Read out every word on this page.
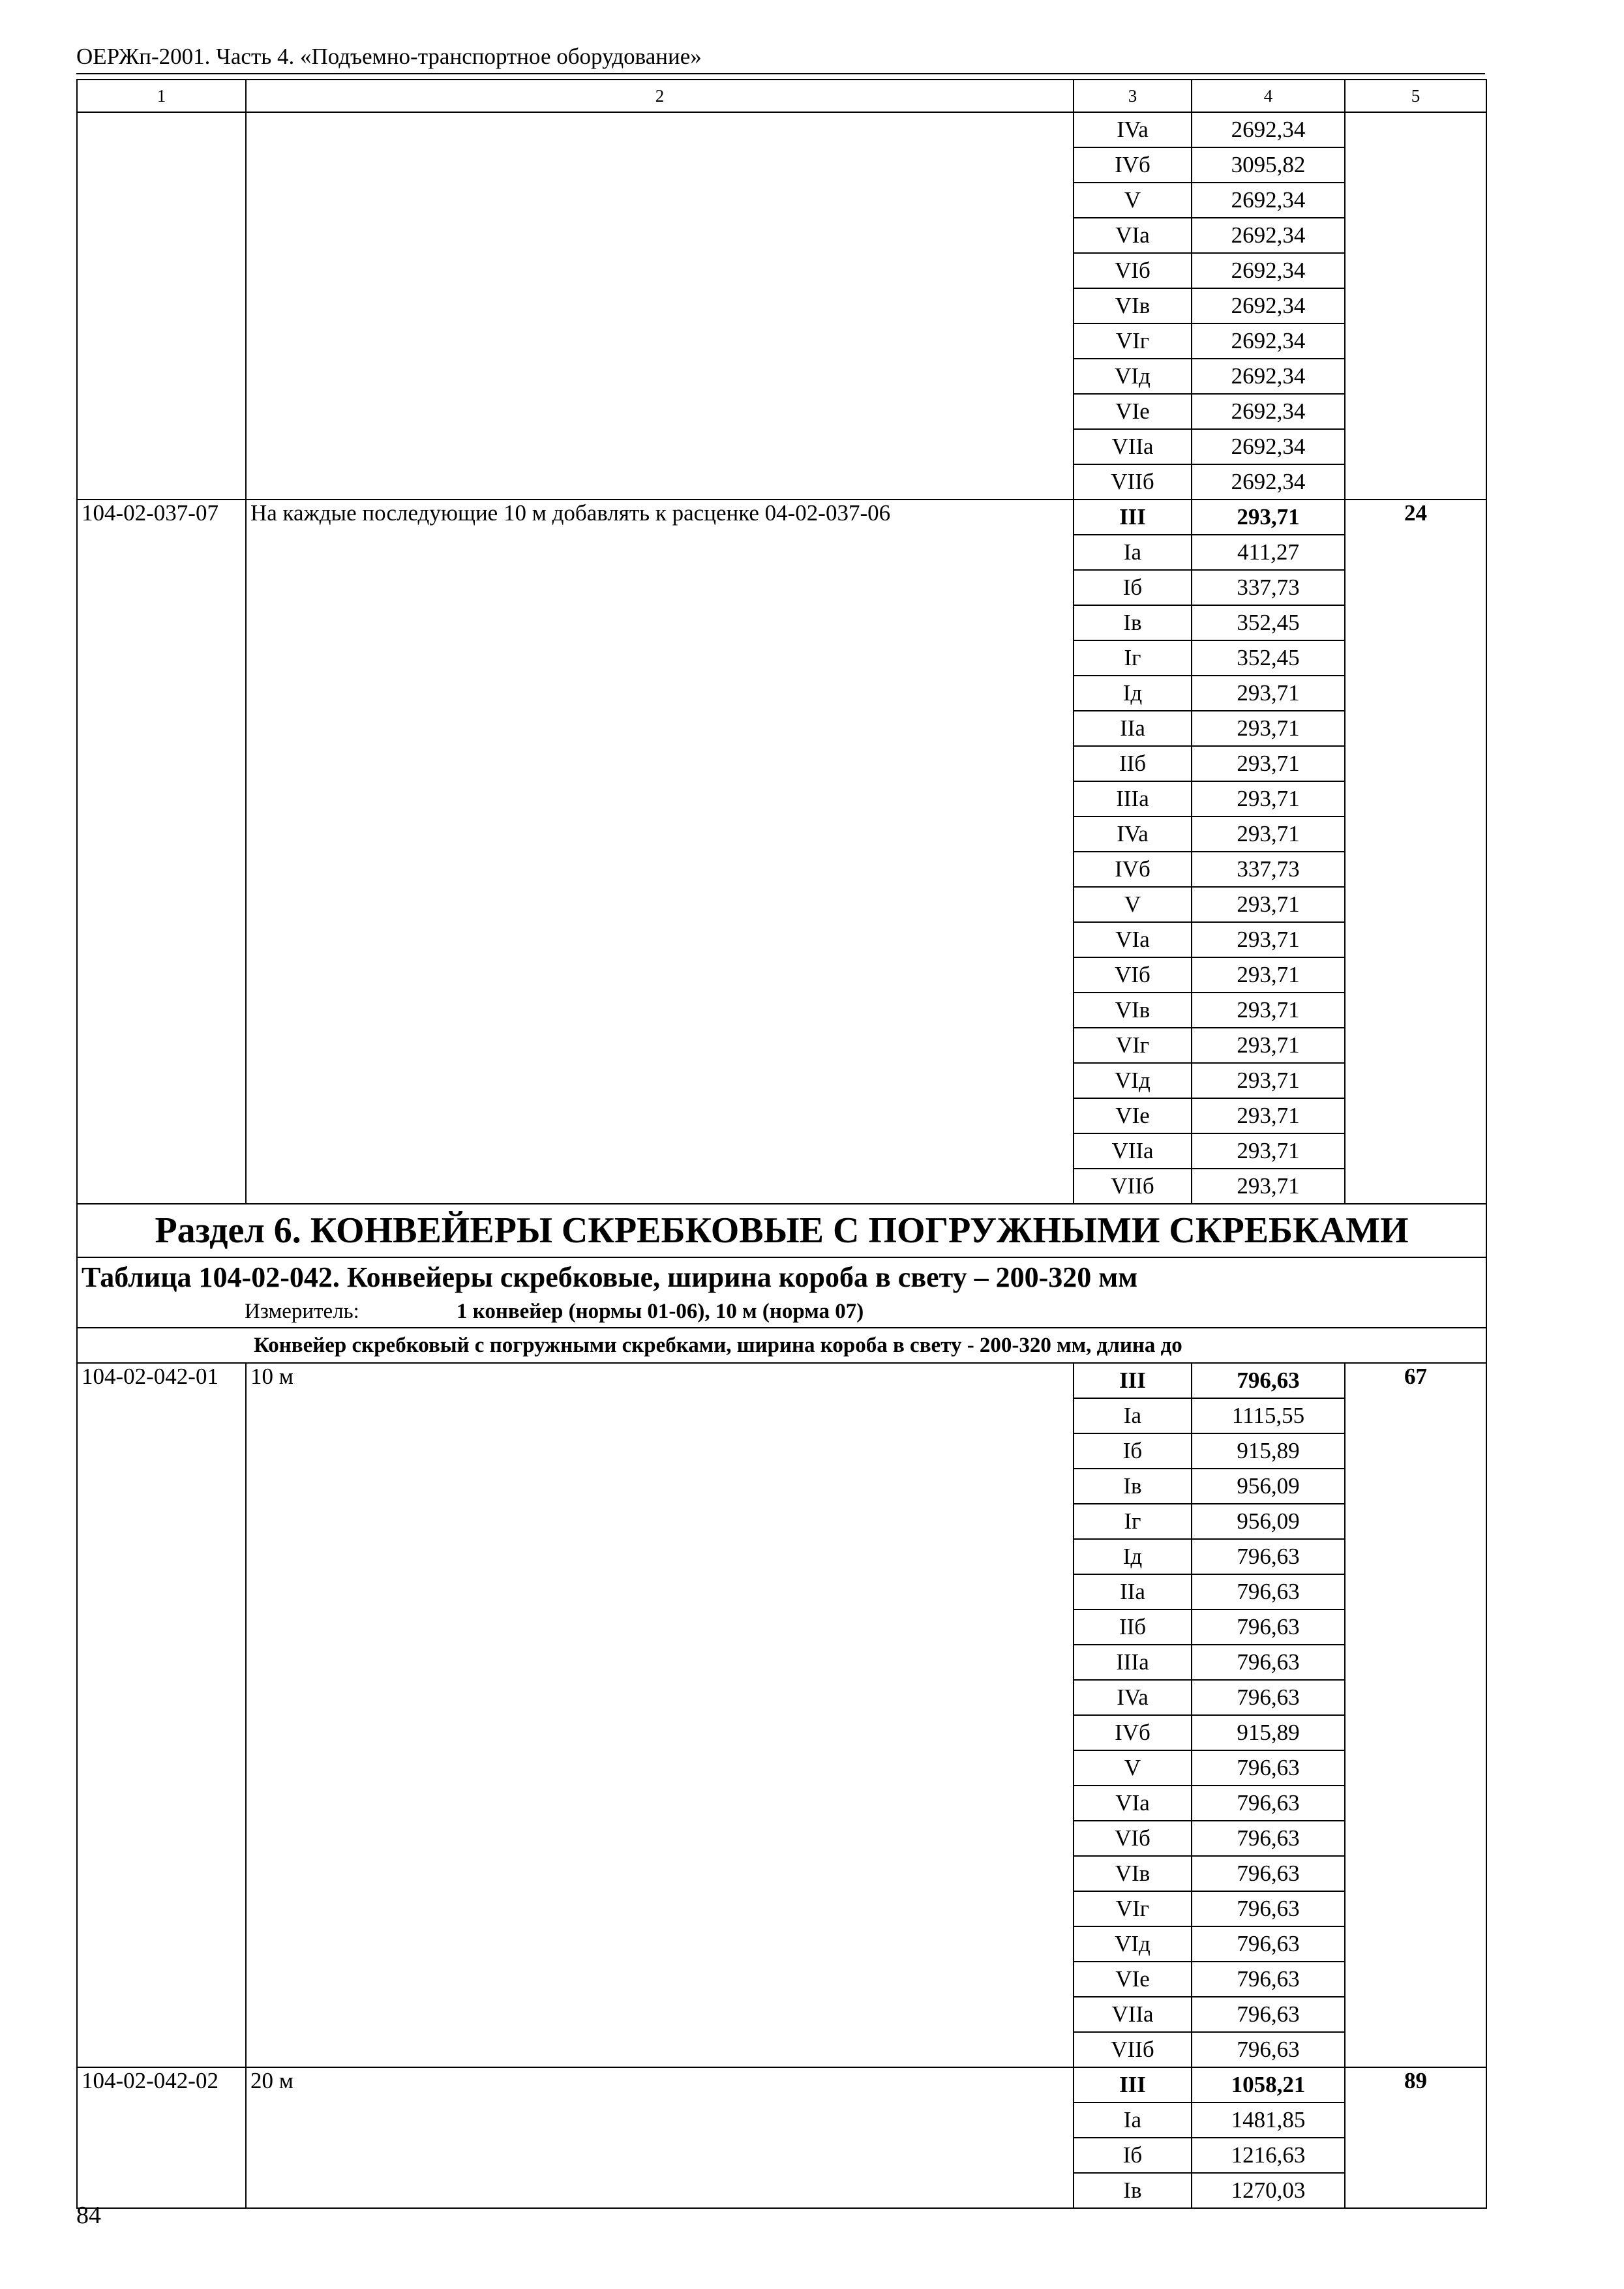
ОЕРЖп-2001. Часть 4. «Подъемно-транспортное оборудование»
1	2	3	4	5
		IVa	2692,34	
		IVб	3095,82	
		V	2692,34	
		VIa	2692,34	
		VIб	2692,34	
		VIв	2692,34	
		VIг	2692,34	
		VIд	2692,34	
		VIe	2692,34	
		VIIa	2692,34	
		VIIб	2692,34	
104-02-037-07	На каждые последующие 10 м добавлять к расценке 04-02-037-06	III	293,71	24
		Ia	411,27	
		Iб	337,73	
		Iв	352,45	
		Iг	352,45	
		Iд	293,71	
		IIa	293,71	
		IIб	293,71	
		IIIa	293,71	
		IVa	293,71	
		IVб	337,73	
		V	293,71	
		VIa	293,71	
		VIб	293,71	
		VIв	293,71	
		VIг	293,71	
		VIд	293,71	
		VIe	293,71	
		VIIa	293,71	
		VIIб	293,71	
Раздел 6. КОНВЕЙЕРЫ СКРЕБКОВЫЕ С ПОГРУЖНЫМИ СКРЕБКАМИ				
Таблица 104-02-042. Конвейеры скребковые, ширина короба в свету – 200-320 мм				
Измеритель: 1 конвейер (нормы 01-06), 10 м (норма 07)				
Конвейер скребковый с погружными скребками, ширина короба в свету - 200-320 мм, длина до				
104-02-042-01	10 м	III	796,63	67
		Ia	1115,55	
		Iб	915,89	
		Iв	956,09	
		Iг	956,09	
		Iд	796,63	
		IIa	796,63	
		IIб	796,63	
		IIIa	796,63	
		IVa	796,63	
		IVб	915,89	
		V	796,63	
		VIa	796,63	
		VIб	796,63	
		VIв	796,63	
		VIг	796,63	
		VIд	796,63	
		VIe	796,63	
		VIIa	796,63	
		VIIб	796,63	
104-02-042-02	20 м	III	1058,21	89
		Ia	1481,85	
		Iб	1216,63	
		Iв	1270,03	
84
